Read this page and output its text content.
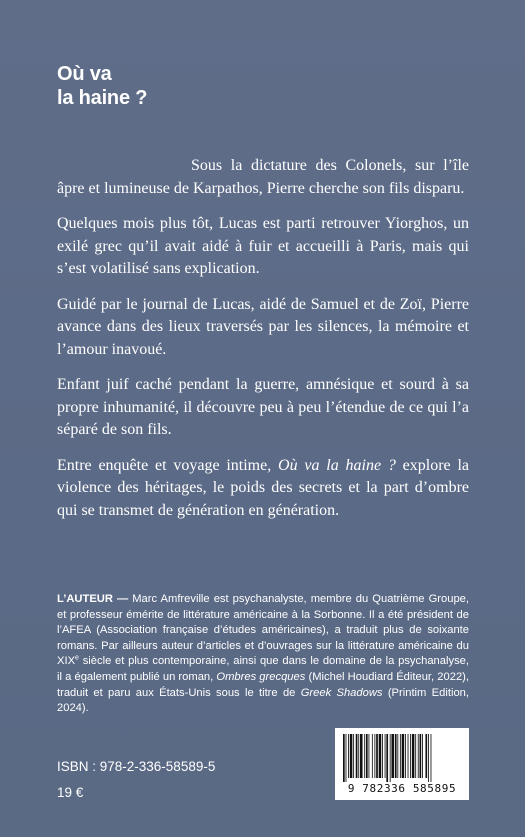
Où va
la haine ?

Sous la dictature des Colonels, sur l’île âpre et lumineuse de Karpathos, Pierre cherche son fils disparu.

Quelques mois plus tôt, Lucas est parti retrouver Yiorghos, un exilé grec qu’il avait aidé à fuir et accueilli à Paris, mais qui s’est volatilisé sans explication.

Guidé par le journal de Lucas, aidé de Samuel et de Zoï, Pierre avance dans des lieux traversés par les silences, la mémoire et l’amour inavoué.

Enfant juif caché pendant la guerre, amnésique et sourd à sa propre inhumanité, il découvre peu à peu l’étendue de ce qui l’a séparé de son fils.

Entre enquête et voyage intime, Où va la haine ? explore la violence des héritages, le poids des secrets et la part d’ombre qui se transmet de génération en génération.

L’AUTEUR — Marc Amfreville est psychanalyste, membre du Quatrième Groupe, et professeur émérite de littérature américaine à la Sorbonne. Il a été président de l’AFEA (Association française d’études américaines), a traduit plus de soixante romans. Par ailleurs auteur d’articles et d’ouvrages sur la littérature américaine du XIXe siècle et plus contemporaine, ainsi que dans le domaine de la psychanalyse, il a également publié un roman, Ombres grecques (Michel Houdiard Éditeur, 2022), traduit et paru aux États-Unis sous le titre de Greek Shadows (Printim Edition, 2024).
ISBN : 978-2-336-58589-5
19 €	9 782336 585895
